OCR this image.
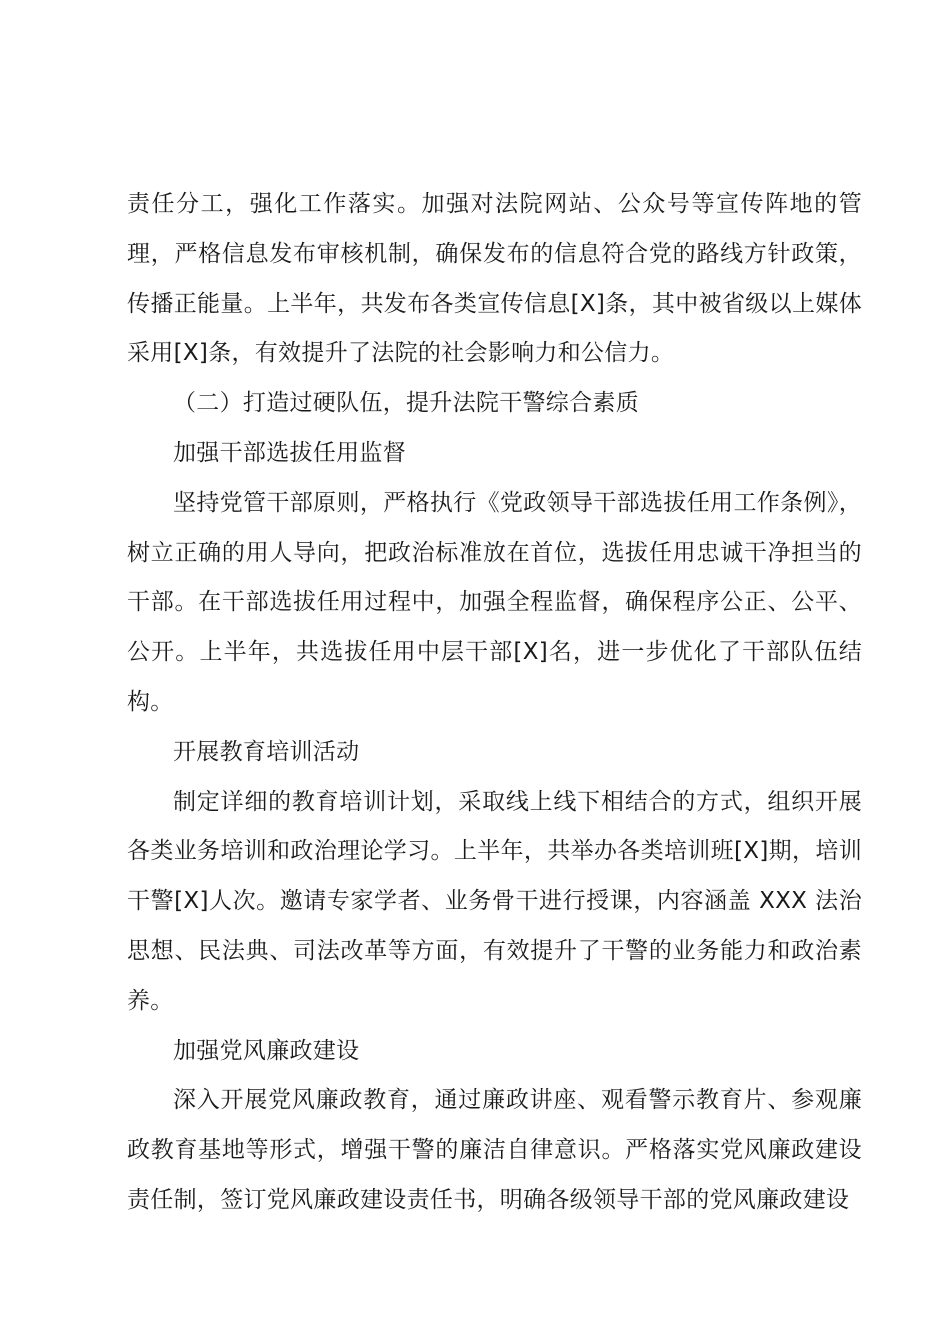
责任分工，强化工作落实。加强对法院网站、公众号等宣传阵地的管理，严格信息发布审核机制，确保发布的信息符合党的路线方针政策，传播正能量。上半年，共发布各类宣传信息[X]条，其中被省级以上媒体采用[X]条，有效提升了法院的社会影响力和公信力。

（二）打造过硬队伍，提升法院干警综合素质

加强干部选拔任用监督

坚持党管干部原则，严格执行《党政领导干部选拔任用工作条例》，树立正确的用人导向，把政治标准放在首位，选拔任用忠诚干净担当的干部。在干部选拔任用过程中，加强全程监督，确保程序公正、公平、公开。上半年，共选拔任用中层干部[X]名，进一步优化了干部队伍结构。

开展教育培训活动

制定详细的教育培训计划，采取线上线下相结合的方式，组织开展各类业务培训和政治理论学习。上半年，共举办各类培训班[X]期，培训干警[X]人次。邀请专家学者、业务骨干进行授课，内容涵盖 XXX 法治思想、民法典、司法改革等方面，有效提升了干警的业务能力和政治素养。

加强党风廉政建设

深入开展党风廉政教育，通过廉政讲座、观看警示教育片、参观廉政教育基地等形式，增强干警的廉洁自律意识。严格落实党风廉政建设责任制，签订党风廉政建设责任书，明确各级领导干部的党风廉政建设
